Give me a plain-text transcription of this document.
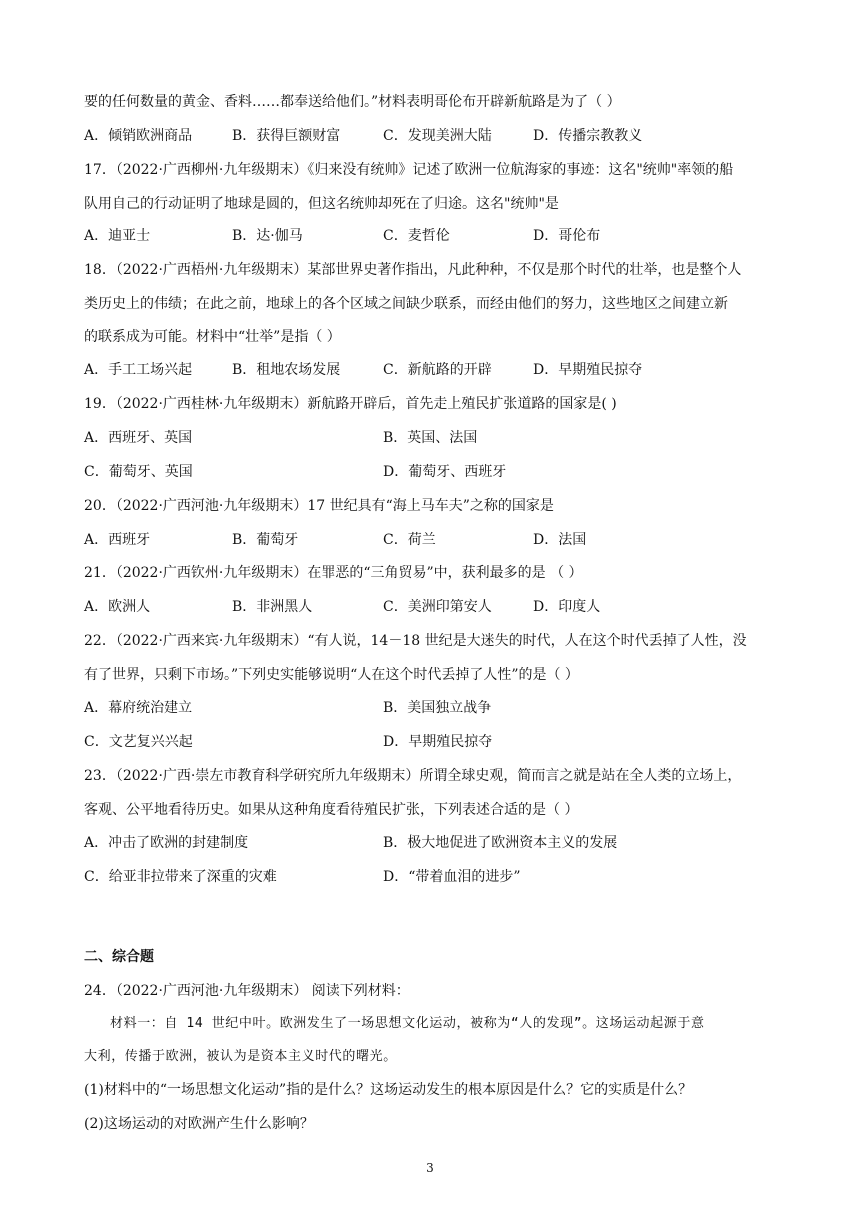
要的任何数量的黄金、香料……都奉送给他们。”材料表明哥伦布开辟新航路是为了（ ）
A．倾销欧洲商品	B．获得巨额财富	C．发现美洲大陆	D．传播宗教教义
17．（2022·广西柳州·九年级期末）《归来没有统帅》记述了欧洲一位航海家的事迹：这名"统帅"率领的船
队用自己的行动证明了地球是圆的，但这名统帅却死在了归途。这名"统帅"是
A．迪亚士	B．达·伽马	C．麦哲伦	D．哥伦布
18．（2022·广西梧州·九年级期末）某部世界史著作指出，凡此种种，不仅是那个时代的壮举，也是整个人
类历史上的伟绩；在此之前，地球上的各个区域之间缺少联系，而经由他们的努力，这些地区之间建立新
的联系成为可能。材料中“壮举”是指（ ）
A．手工工场兴起	B．租地农场发展	C．新航路的开辟	D．早期殖民掠夺
19．（2022·广西桂林·九年级期末）新航路开辟后，首先走上殖民扩张道路的国家是( )
A．西班牙、英国	B．英国、法国
C．葡萄牙、英国	D．葡萄牙、西班牙
20．（2022·广西河池·九年级期末）17 世纪具有“海上马车夫”之称的国家是
A．西班牙	B．葡萄牙	C．荷兰	D．法国
21．（2022·广西钦州·九年级期末）在罪恶的“三角贸易”中，获利最多的是 （ ）
A．欧洲人	B．非洲黑人	C．美洲印第安人	D．印度人
22．（2022·广西来宾·九年级期末）“有人说，14－18 世纪是大迷失的时代，人在这个时代丢掉了人性，没
有了世界，只剩下市场。”下列史实能够说明“人在这个时代丢掉了人性”的是（ ）
A．幕府统治建立	B．美国独立战争
C．文艺复兴兴起	D．早期殖民掠夺
23．（2022·广西·崇左市教育科学研究所九年级期末）所谓全球史观，简而言之就是站在全人类的立场上，
客观、公平地看待历史。如果从这种角度看待殖民扩张，下列表述合适的是（ ）
A．冲击了欧洲的封建制度	B．极大地促进了欧洲资本主义的发展
C．给亚非拉带来了深重的灾难	D．“带着血泪的进步”
二、综合题
24．（2022·广西河池·九年级期末） 阅读下列材料：
材料一：自 14 世纪中叶。欧洲发生了一场思想文化运动，被称为“人的发现”。这场运动起源于意
大利，传播于欧洲，被认为是资本主义时代的曙光。
(1)材料中的“一场思想文化运动”指的是什么？这场运动发生的根本原因是什么？它的实质是什么？
(2)这场运动的对欧洲产生什么影响？
3
